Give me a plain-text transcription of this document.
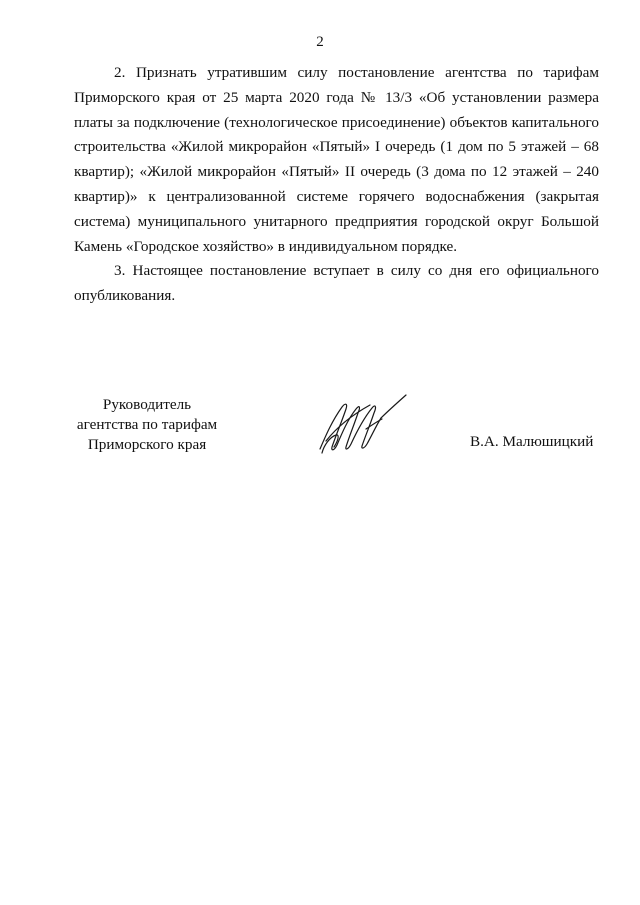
2

2. Признать утратившим силу постановление агентства по тарифам Приморского края от 25 марта 2020 года № 13/3 «Об установлении размера платы за подключение (технологическое присоединение) объектов капитального строительства «Жилой микрорайон «Пятый» I очередь (1 дом по 5 этажей – 68 квартир); «Жилой микрорайон «Пятый» II очередь (3 дома по 12 этажей – 240 квартир)» к централизованной системе горячего водоснабжения (закрытая система) муниципального унитарного предприятия городской округ Большой Камень «Городское хозяйство» в индивидуальном порядке.

3. Настоящее постановление вступает в силу со дня его официального опубликования.

Руководитель
агентства по тарифам
Приморского края	В.А. Малюшицкий
